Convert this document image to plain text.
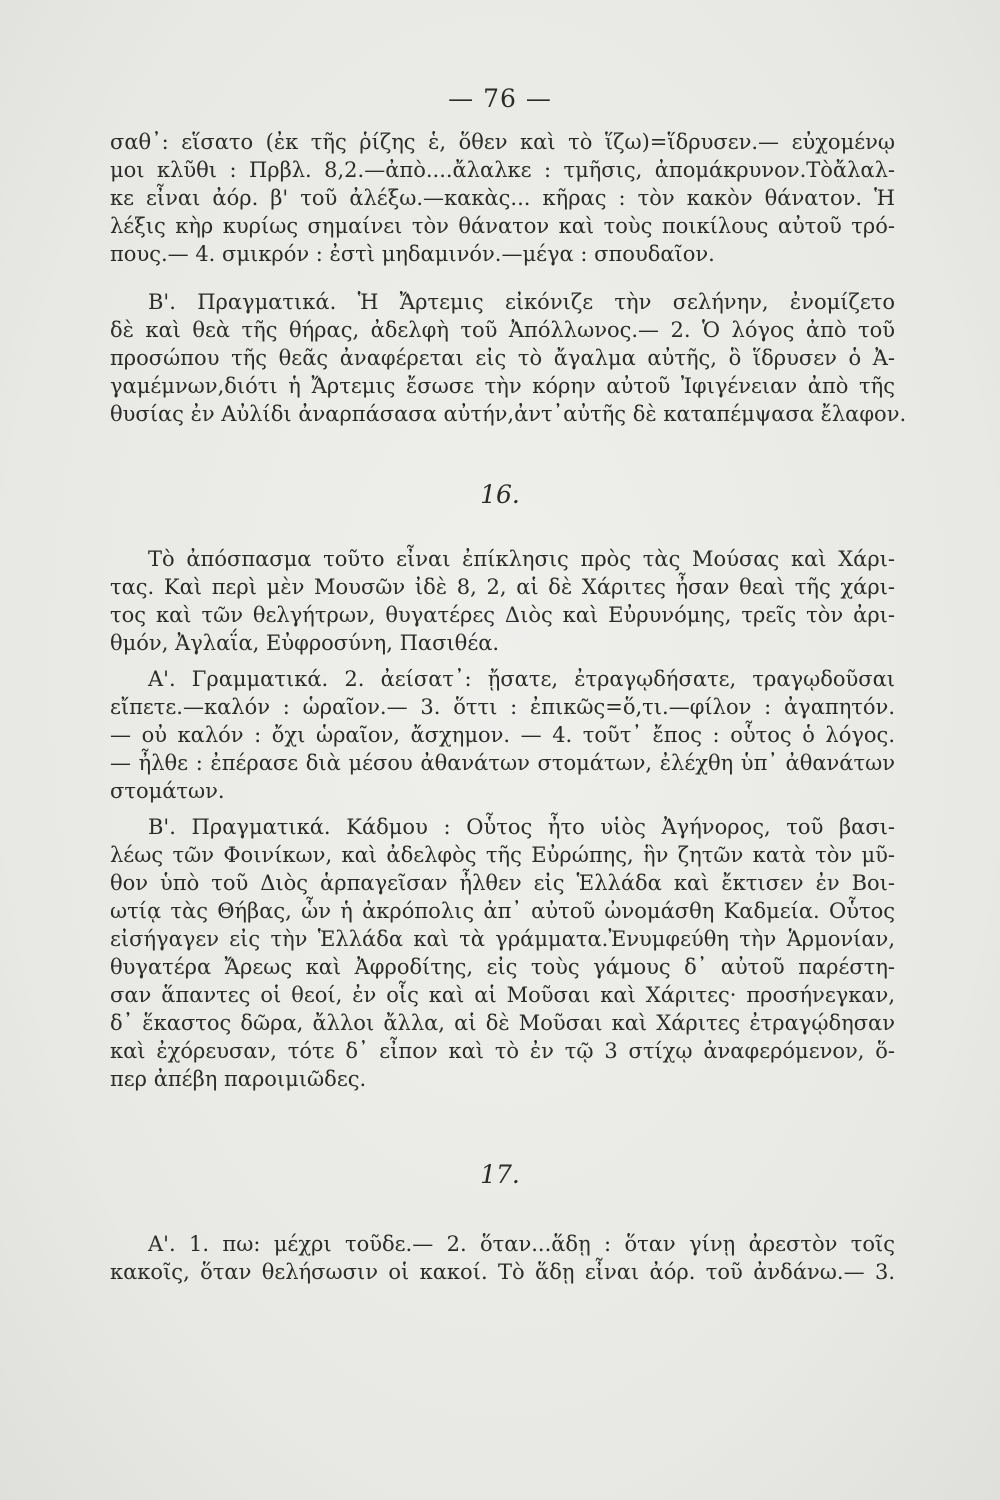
— 76 —
σαθ᾽: εἵσατο (ἐκ τῆς ῥίζης ἑ, ὅθεν καὶ τὸ ἵζω)=ἵδρυσεν.— εὐχομένῳ
μοι κλῦθι : Πρβλ. 8,2.—ἀπὸ....ἄλαλκε : τμῆσις, ἀπομάκρυνον.Τὸἄλαλ-
κε εἶναι ἀόρ. β' τοῦ ἀλέξω.—κακὰς... κῆρας : τὸν κακὸν θάνατον. Ἡ
λέξις κὴρ κυρίως σημαίνει τὸν θάνατον καὶ τοὺς ποικίλους αὐτοῦ τρό-
πους.— 4. σμικρόν : ἐστὶ μηδαμινόν.—μέγα : σπουδαῖον.
Β'. Πραγματικά. Ἡ Ἄρτεμις εἰκόνιζε τὴν σελήνην, ἐνομίζετο
δὲ καὶ θεὰ τῆς θήρας, ἀδελφὴ τοῦ Ἀπόλλωνος.— 2. Ὁ λόγος ἀπὸ τοῦ
προσώπου τῆς θεᾶς ἀναφέρεται εἰς τὸ ἄγαλμα αὐτῆς, ὃ ἵδρυσεν ὁ Ἀ-
γαμέμνων,διότι ἡ Ἄρτεμις ἔσωσε τὴν κόρην αὐτοῦ Ἰφιγένειαν ἀπὸ τῆς
θυσίας ἐν Αὐλίδι ἀναρπάσασα αὐτήν,ἀντ᾽αὐτῆς δὲ καταπέμψασα ἔλαφον.
16.
Τὸ ἀπόσπασμα τοῦτο εἶναι ἐπίκλησις πρὸς τὰς Μούσας καὶ Χάρι-
τας. Καὶ περὶ μὲν Μουσῶν ἰδὲ 8, 2, αἱ δὲ Χάριτες ἦσαν θεαὶ τῆς χάρι-
τος καὶ τῶν θελγήτρων, θυγατέρες Διὸς καὶ Εὐρυνόμης, τρεῖς τὸν ἀρι-
θμόν, Ἀγλαΐα, Εὐφροσύνη, Πασιθέα.
Α'. Γραμματικά. 2. ἀείσατ᾽: ᾔσατε, ἐτραγῳδήσατε, τραγῳδοῦσαι
εἴπετε.—καλόν : ὡραῖον.— 3. ὅττι : ἐπικῶς=ὅ,τι.—φίλον : ἀγαπητόν.
— οὐ καλόν : ὄχι ὡραῖον, ἄσχημον. — 4. τοῦτ᾽ ἔπος : οὗτος ὁ λόγος.
— ἦλθε : ἐπέρασε διὰ μέσου ἀθανάτων στομάτων, ἐλέχθη ὑπ᾽ ἀθανάτων
στομάτων.
Β'. Πραγματικά. Κάδμου : Οὗτος ἦτο υἱὸς Ἀγήνορος, τοῦ βασι-
λέως τῶν Φοινίκων, καὶ ἀδελφὸς τῆς Εὐρώπης, ἣν ζητῶν κατὰ τὸν μῦ-
θον ὑπὸ τοῦ Διὸς ἁρπαγεῖσαν ἦλθεν εἰς Ἑλλάδα καὶ ἔκτισεν ἐν Βοι-
ωτίᾳ τὰς Θήβας, ὧν ἡ ἀκρόπολις ἀπ᾽ αὐτοῦ ὠνομάσθη Καδμεία. Οὗτος
εἰσήγαγεν εἰς τὴν Ἑλλάδα καὶ τὰ γράμματα.Ἐνυμφεύθη τὴν Ἁρμονίαν,
θυγατέρα Ἄρεως καὶ Ἀφροδίτης, εἰς τοὺς γάμους δ᾽ αὐτοῦ παρέστη-
σαν ἅπαντες οἱ θεοί, ἐν οἷς καὶ αἱ Μοῦσαι καὶ Χάριτες· προσήνεγκαν,
δ᾽ ἕκαστος δῶρα, ἄλλοι ἄλλα, αἱ δὲ Μοῦσαι καὶ Χάριτες ἐτραγῴδησαν
καὶ ἐχόρευσαν, τότε δ᾽ εἶπον καὶ τὸ ἐν τῷ 3 στίχῳ ἀναφερόμενον, ὅ-
περ ἀπέβη παροιμιῶδες.
17.
Α'. 1. πω: μέχρι τοῦδε.— 2. ὅταν...ἅδῃ : ὅταν γίνῃ ἀρεστὸν τοῖς
κακοῖς, ὅταν θελήσωσιν οἱ κακοί. Τὸ ἅδῃ εἶναι ἀόρ. τοῦ ἀνδάνω.— 3.
